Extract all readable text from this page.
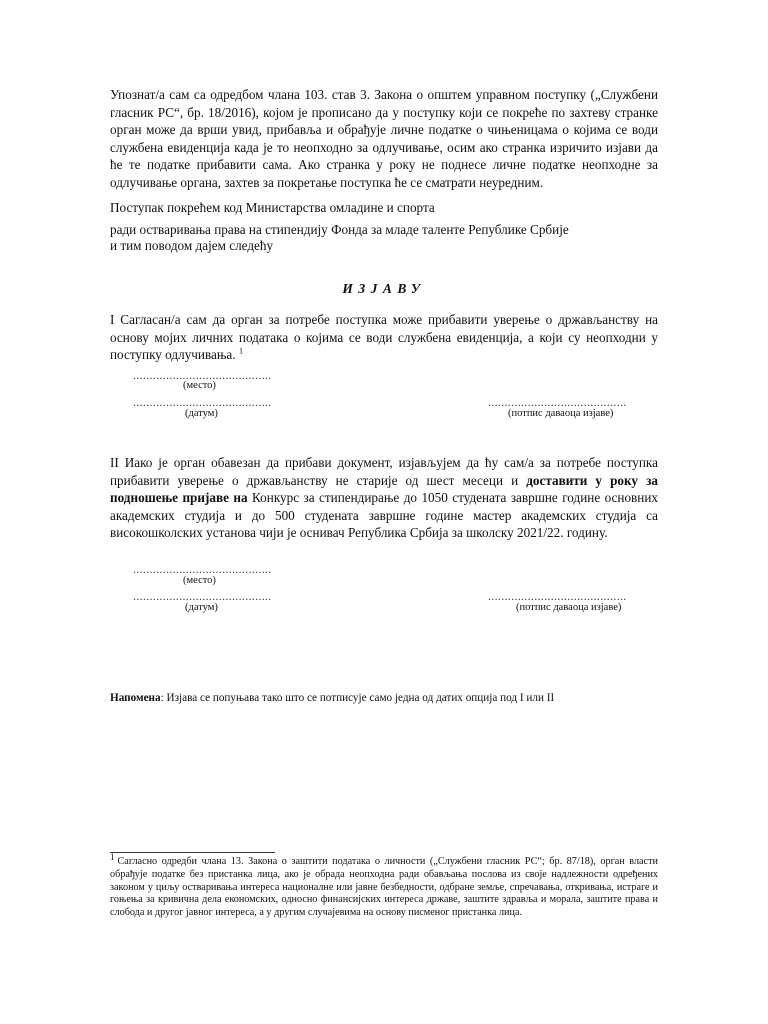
Упознат/а сам са одредбом члана 103. став 3. Закона о општем управном поступку („Службени гласник РС“, бр. 18/2016), којом је прописано да у поступку који се покреће по захтеву странке орган може да врши увид, прибавља и обрађује личне податке о чињеницама о којима се води службена евиденција када је то неопходно за одлучивање, осим ако странка изричито изјави да ће те податке прибавити сама. Ако странка у року не поднесе личне податке неопходне за одлучивање органа, захтев за покретање поступка ће се сматрати неуредним.
Поступак покрећем код Министарства омладине и спорта
ради остваривања права на стипендију Фонда за младе таленте Републике Србије
и тим поводом дајем следећу
ИЗЈАВУ
I Сагласан/а сам да орган за потребе поступка може прибавити уверење о држављанству на основу мојих личних података о којима се води службена евиденција, а који су неопходни у поступку одлучивања. $^1$
..........................................
(место)
..........................................
(датум)
..........................................
(потпис даваоца изјаве)
II Иако је орган обавезан да прибави документ, изјављујем да ћу сам/а за потребе поступка прибавити уверење о држављанству не старије од шест месеци и доставити у року за подношење пријаве на Конкурс за стипендирање до 1050 студената завршне године основних академских студија и до 500 студената завршне године мастер академских студија са високошколских установа чији је оснивач Република Србија за школску 2021/22. годину.
..........................................
(место)
..........................................
(датум)
..........................................
(потпис даваоца изјаве)
Напомена: Изјава се попуњава тако што се потписује само једна од датих опција под I или II
1 Сагласно одредби члана 13. Закона о заштити података о личности („Службени гласник РС“; бр. 87/18), орган власти обрађује податке без пристанка лица, ако је обрада неопходна ради обављања послова из своје надлежности одређених законом у циљу остваривања интереса националне или јавне безбедности, одбране земље, спречавања, откривања, истраге и гоњења за кривична дела економских, односно финансијских интереса државе, заштите здравља и морала, заштите права и слобода и другог јавног интереса, а у другим случајевима на основу писменог пристанка лица.
